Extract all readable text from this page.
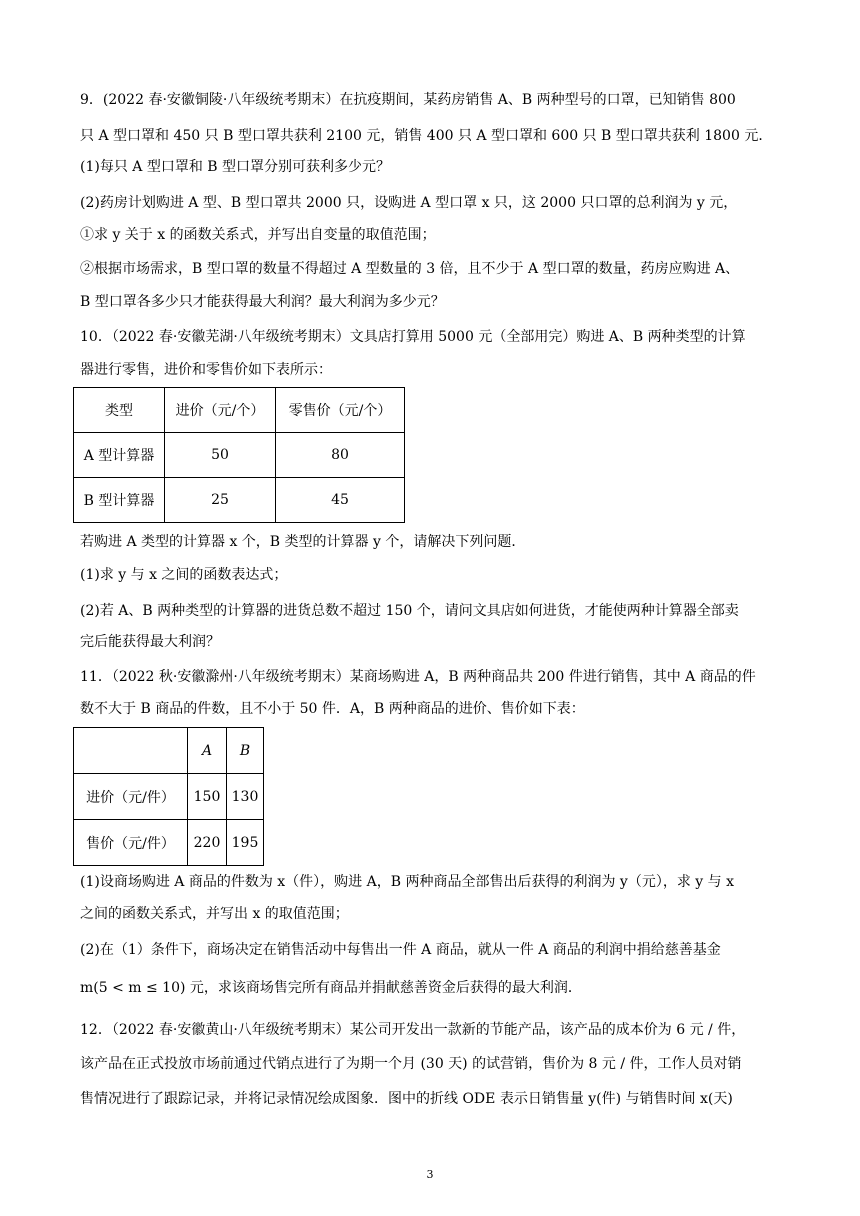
9．(2022 春·安徽铜陵·八年级统考期末）在抗疫期间，某药房销售 A、B 两种型号的口罩，已知销售 800
只 A 型口罩和 450 只 B 型口罩共获利 2100 元，销售 400 只 A 型口罩和 600 只 B 型口罩共获利 1800 元．
(1)每只 A 型口罩和 B 型口罩分别可获利多少元？
(2)药房计划购进 A 型、B 型口罩共 2000 只，设购进 A 型口罩 x 只，这 2000 只口罩的总利润为 y 元，
①求 y 关于 x 的函数关系式，并写出自变量的取值范围；
②根据市场需求，B 型口罩的数量不得超过 A 型数量的 3 倍，且不少于 A 型口罩的数量，药房应购进 A、
B 型口罩各多少只才能获得最大利润？最大利润为多少元？
10．（2022 春·安徽芜湖·八年级统考期末）文具店打算用 5000 元（全部用完）购进 A、B 两种类型的计算
器进行零售，进价和零售价如下表所示：
类型	进价（元/个）	零售价（元/个）
A 型计算器	50	80
B 型计算器	25	45
若购进 A 类型的计算器 x 个，B 类型的计算器 y 个，请解决下列问题．
(1)求 y 与 x 之间的函数表达式；
(2)若 A、B 两种类型的计算器的进货总数不超过 150 个，请问文具店如何进货，才能使两种计算器全部卖
完后能获得最大利润？
11．（2022 秋·安徽滁州·八年级统考期末）某商场购进 A，B 两种商品共 200 件进行销售，其中 A 商品的件
数不大于 B 商品的件数，且不小于 50 件．A，B 两种商品的进价、售价如下表：
	A	B
进价（元/件）	150	130
售价（元/件）	220	195
(1)设商场购进 A 商品的件数为 x（件），购进 A，B 两种商品全部售出后获得的利润为 y（元），求 y 与 x
之间的函数关系式，并写出 x 的取值范围；
(2)在（1）条件下，商场决定在销售活动中每售出一件 A 商品，就从一件 A 商品的利润中捐给慈善基金
m(5 < m ≤ 10) 元，求该商场售完所有商品并捐献慈善资金后获得的最大利润．
12．（2022 春·安徽黄山·八年级统考期末）某公司开发出一款新的节能产品，该产品的成本价为 6 元 / 件，
该产品在正式投放市场前通过代销点进行了为期一个月 (30 天) 的试营销，售价为 8 元 / 件，工作人员对销
售情况进行了跟踪记录，并将记录情况绘成图象．图中的折线 ODE 表示日销售量 y(件) 与销售时间 x(天)
3
